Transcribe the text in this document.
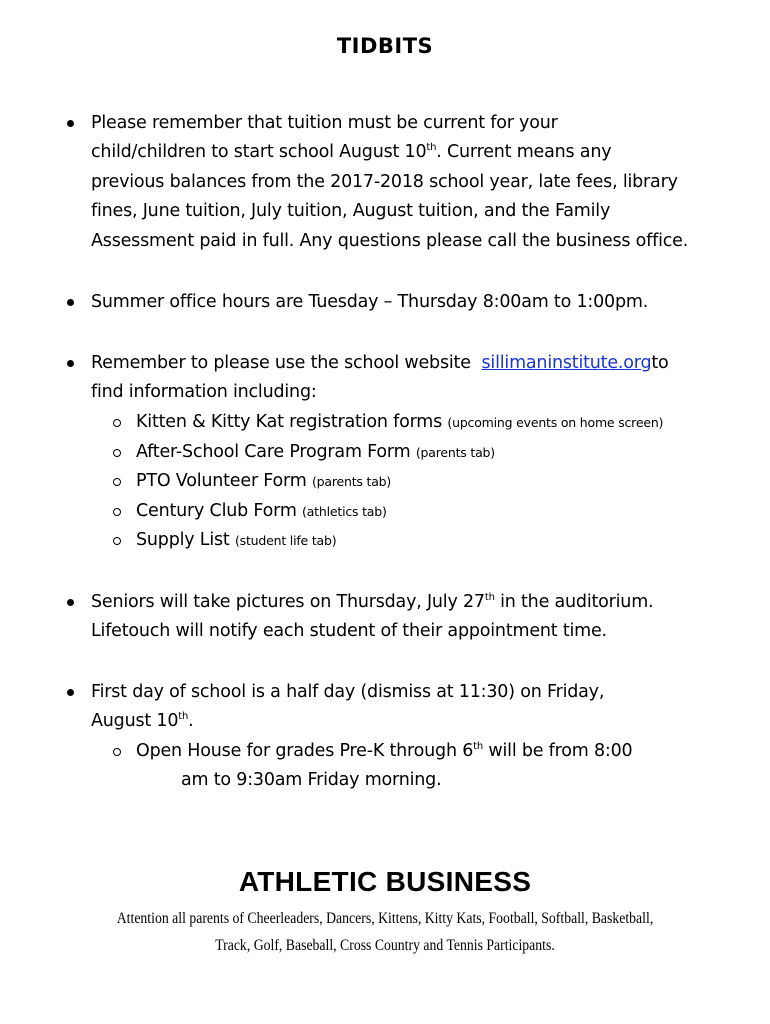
TIDBITS
Please remember that tuition must be current for your
child/children to start school August 10th. Current means any
previous balances from the 2017-2018 school year, late fees, library
fines, June tuition, July tuition, August tuition, and the Family
Assessment paid in full. Any questions please call the business office.
Summer office hours are Tuesday – Thursday 8:00am to 1:00pm.
Remember to please use the school website sillimaninstitute.orgto
find information including:
Kitten & Kitty Kat registration forms (upcoming events on home screen)
After-School Care Program Form (parents tab)
PTO Volunteer Form (parents tab)
Century Club Form (athletics tab)
Supply List (student life tab)
Seniors will take pictures on Thursday, July 27th in the auditorium.
Lifetouch will notify each student of their appointment time.
First day of school is a half day (dismiss at 11:30) on Friday,
August 10th.
Open House for grades Pre-K through 6th will be from 8:00
am to 9:30am Friday morning.
ATHLETIC BUSINESS
Attention all parents of Cheerleaders, Dancers, Kittens, Kitty Kats, Football, Softball, Basketball,
Track, Golf, Baseball, Cross Country and Tennis Participants.
